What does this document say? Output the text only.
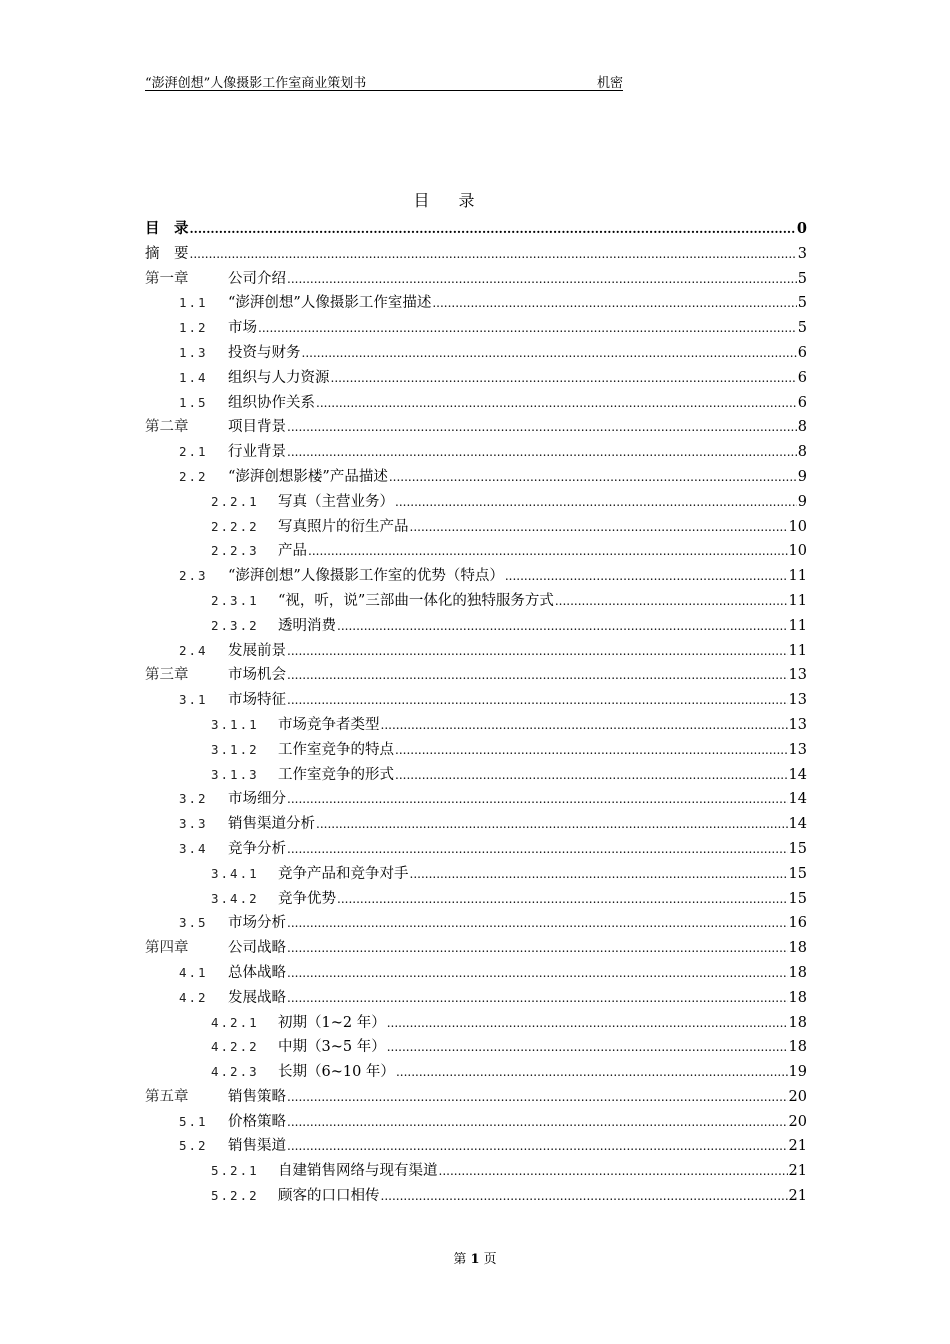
“澎湃创想”人像摄影工作室商业策划书	机密
目 录
目　录 .....	0
摘　要 .....	3
第一章	公司介绍 .....	5
1.1 “澎湃创想”人像摄影工作室描述 .....	5
1.2 市场 .....	5
1.3 投资与财务 .....	6
1.4 组织与人力资源 .....	6
1.5 组织协作关系 .....	6
第二章	项目背景 .....	8
2.1 行业背景 .....	8
2.2 “澎湃创想影楼”产品描述 .....	9
2.2.1 写真（主营业务） .....	9
2.2.2 写真照片的衍生产品 .....	10
2.2.3 产品 .....	10
2.3 “澎湃创想”人像摄影工作室的优势（特点） .....	11
2.3.1 “视，听，说”三部曲一体化的独特服务方式 .....	11
2.3.2 透明消费 .....	11
2.4 发展前景 .....	11
第三章	市场机会 .....	13
3.1 市场特征 .....	13
3.1.1 市场竞争者类型 .....	13
3.1.2 工作室竞争的特点 .....	13
3.1.3 工作室竞争的形式 .....	14
3.2 市场细分 .....	14
3.3 销售渠道分析 .....	14
3.4 竞争分析 .....	15
3.4.1 竞争产品和竞争对手 .....	15
3.4.2 竞争优势 .....	15
3.5 市场分析 .....	16
第四章	公司战略 .....	18
4.1 总体战略 .....	18
4.2 发展战略 .....	18
4.2.1 初期（1~2 年） .....	18
4.2.2 中期（3~5 年） .....	18
4.2.3 长期（6~10 年） .....	19
第五章	销售策略 .....	20
5.1 价格策略 .....	20
5.2 销售渠道 .....	21
5.2.1 自建销售网络与现有渠道 .....	21
5.2.2 顾客的口口相传 .....	21
第 1 页
